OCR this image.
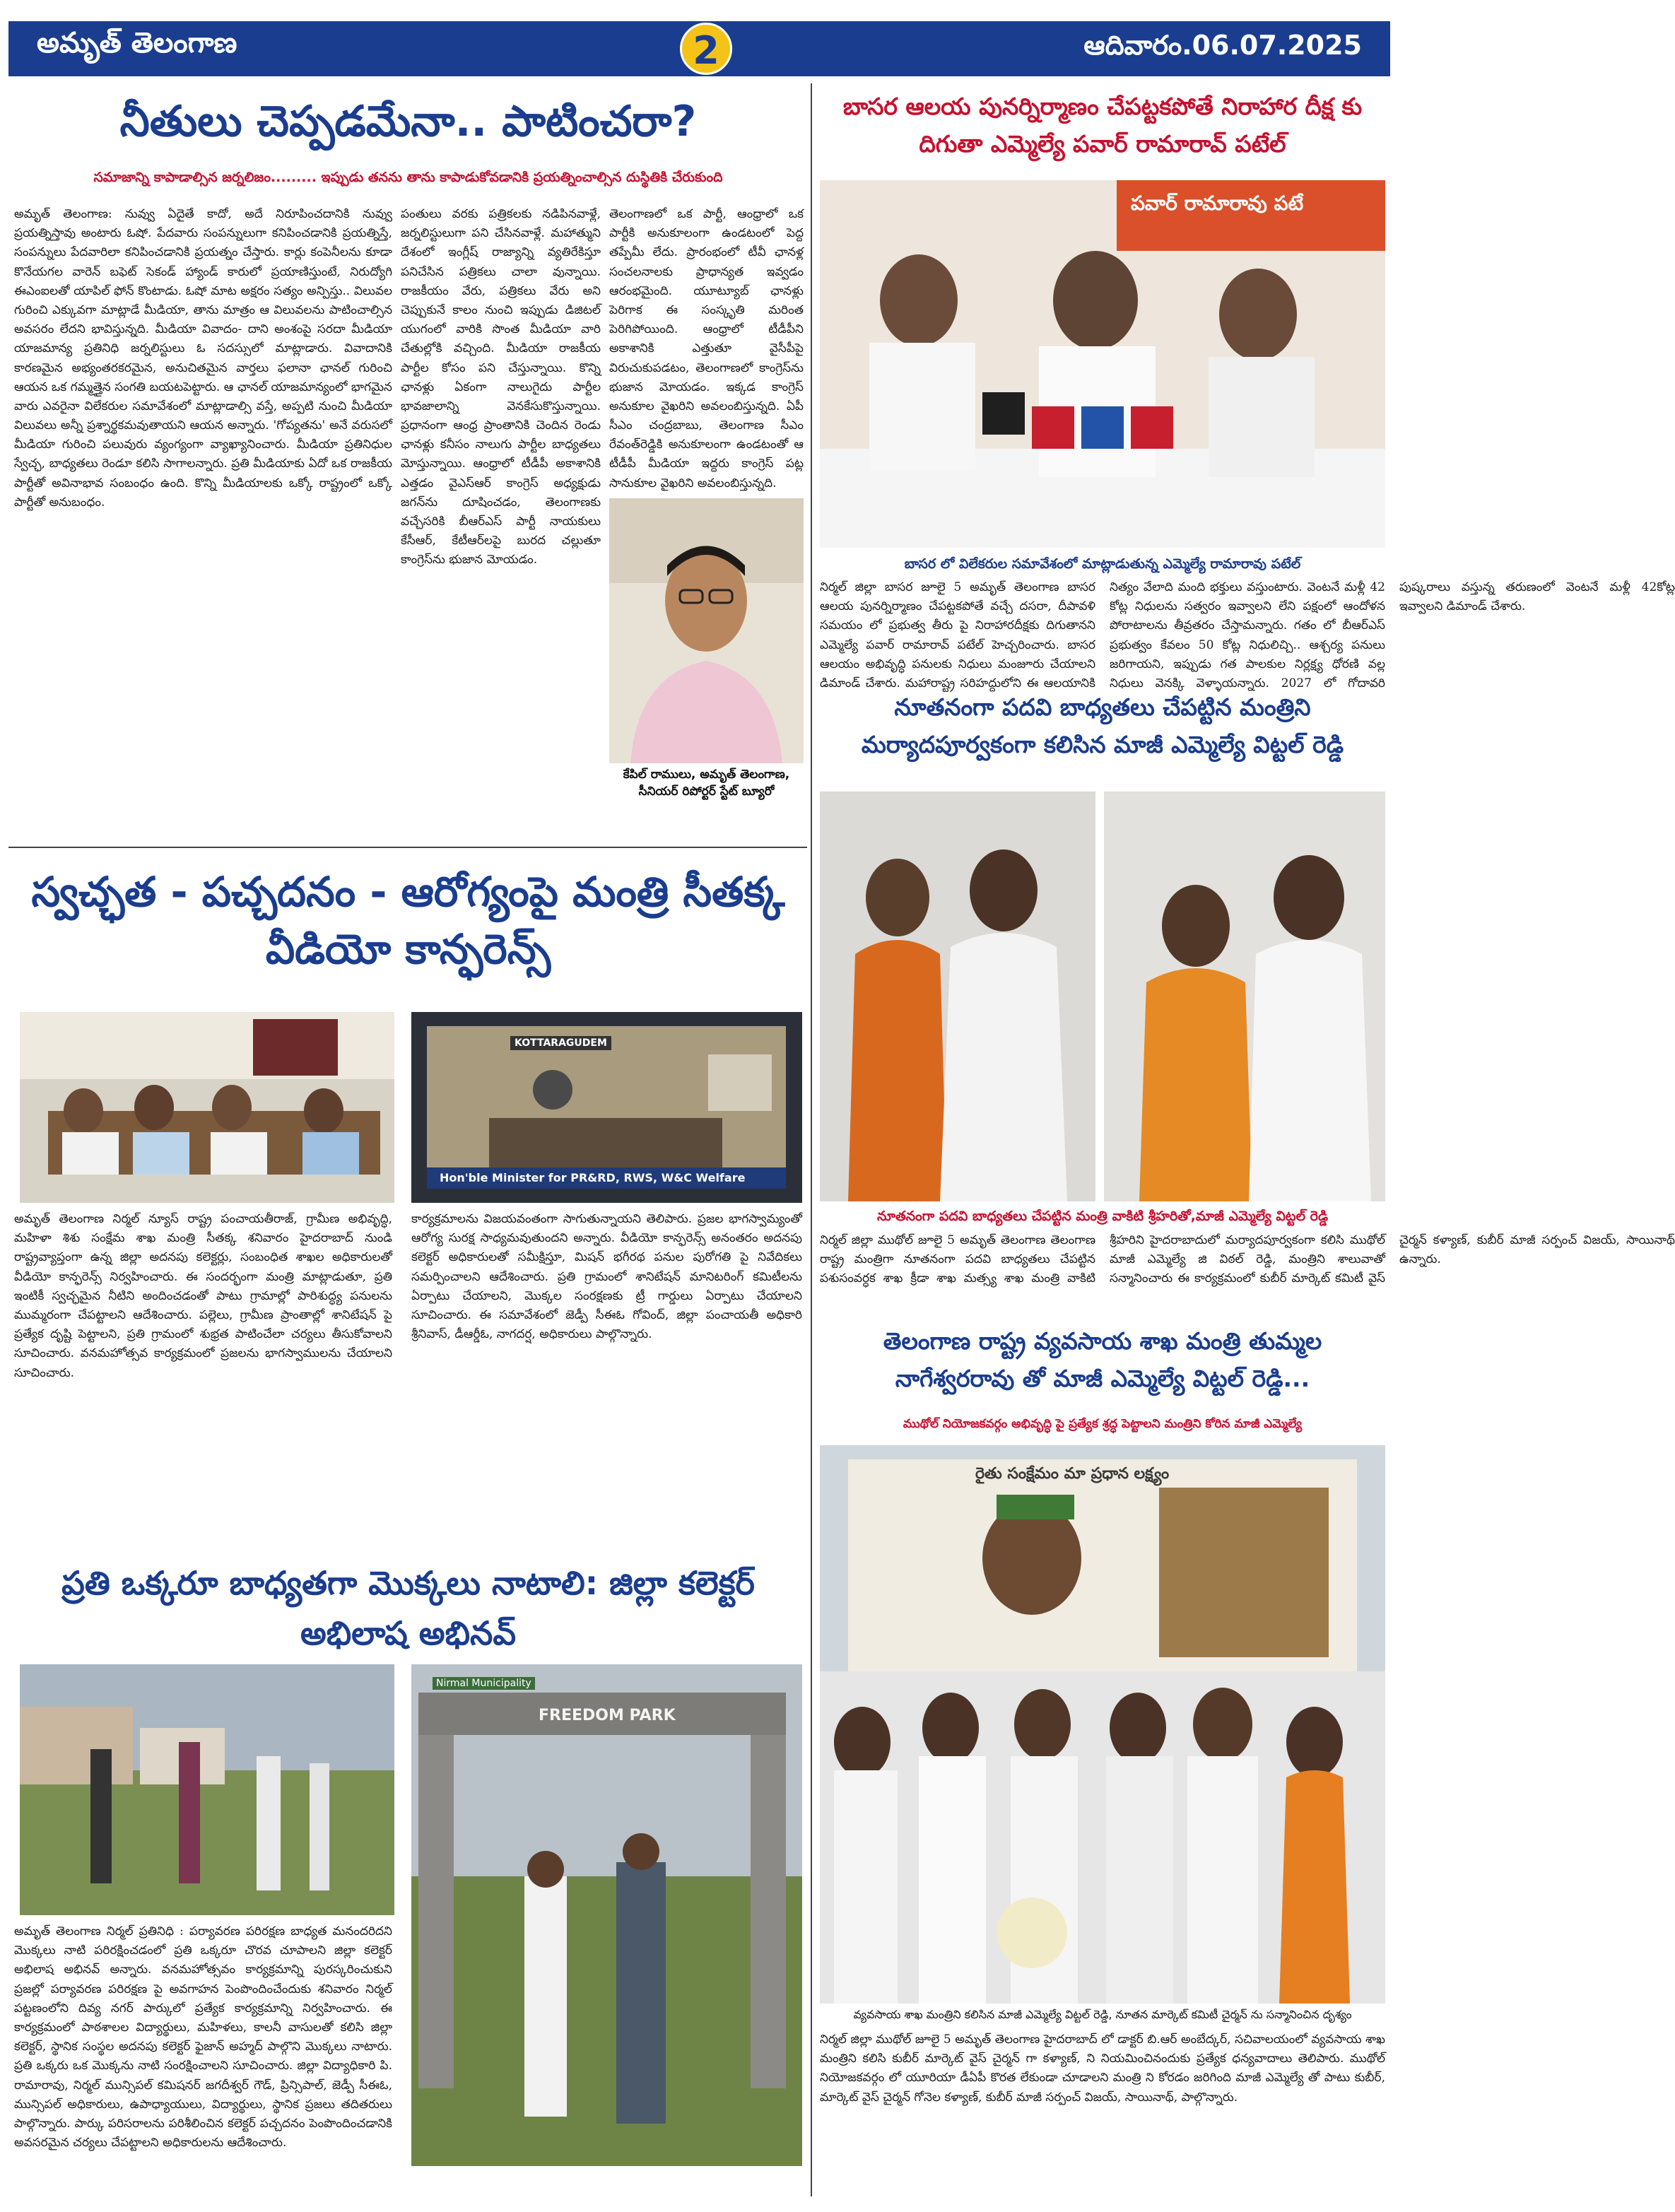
అమృత్ తెలంగాణ	2	ఆదివారం.06.07.2025
నీతులు చెప్పడమేనా.. పాటించరా?
సమాజాన్ని కాపాడాల్సిన జర్నలిజం......... ఇప్పుడు తనను తాను కాపాడుకోవడానికి ప్రయత్నించాల్సిన దుస్థితికి చేరుకుంది
అమృత్ తెలంగాణ: నువ్వు ఏదైతే కాదో, అదే నిరూపించదానికి నువ్వు ప్రయత్నిస్తావు అంటారు ఓషో. పేదవారు సంపన్నులుగా కనిపించడానికి ప్రయత్నిస్తే, సంపన్నులు పేదవారిలా కనిపించడానికి ప్రయత్నం చేస్తారు. కార్లు కంపెనీలను కూడా కొనేయగల వారెన్ బఫెట్ సెకండ్ హ్యాండ్ కారులో ప్రయాణిస్తుంటే, నిరుద్యోగి ఈఎంఐలతో యాపిల్ ఫోన్ కొంటాడు. ఓషో మాట అక్షరం సత్యం అన్పిస్తు.. విలువల గురించి ఎక్కువగా మాట్లాడే మీడియా, తాను మాత్రం ఆ విలువలను పాటించాల్సిన అవసరం లేదని భావిస్తున్నది. మీడియా వివాదం- దాని అంశంపై సరదా మీడియా యాజమాన్య ప్రతినిధి జర్నలిస్టులు ఓ సదస్సులో మాట్లాడారు. వివాదానికి కారణమైన అభ్యంతరకరమైన, అనుచితమైన వార్తలు ఫలానా ఛానల్ గురించి ఆయన ఒక గమ్మత్తైన సంగతి బయటపెట్టారు. ఆ ఛానల్ యాజమాన్యంలో భాగమైన వారు ఎవరైనా విలేకరుల సమావేశంలో మాట్లాడాల్సి వస్తే, అప్పటి నుంచి మీడియా విలువలు అన్నీ ప్రశ్నార్థకమవుతాయని ఆయన అన్నారు. 'గోప్యతను' అనే వరుసలో మీడియా గురించి పలువురు వ్యంగ్యంగా వ్యాఖ్యానించారు. మీడియా ప్రతినిధుల స్వేచ్ఛ, బాధ్యతలు రెండూ కలిసి సాగాలన్నారు. ప్రతి మీడియాకు ఏదో ఒక రాజకీయ పార్టీతో అవినాభావ సంబంధం ఉంది. కొన్ని మీడియాలకు ఒక్కో రాష్ట్రంలో ఒక్కో పార్టీతో అనుబంధం.
పంతులు వరకు పత్రికలకు నడిపినవాళ్లే, జర్నలిస్టులుగా పని చేసినవాళ్లే. మహాత్ముని దేశంలో ఇంగ్లీష్ రాజ్యాన్ని వ్యతిరేకిస్తూ పనిచేసిన పత్రికలు చాలా వున్నాయి. రాజకీయం వేరు, పత్రికలు వేరు అని చెప్పుకునే కాలం నుంచి ఇప్పుడు డిజిటల్ యుగంలో వారికి సొంత మీడియా వారి చేతుల్లోకి వచ్చింది. మీడియా రాజకీయ పార్టీల కోసం పని చేస్తున్నాయి. కొన్ని ఛానళ్లు ఏకంగా నాలుగైదు పార్టీల భావజాలాన్ని వెనకేసుకొస్తున్నాయి. ప్రధానంగా ఆంధ్ర ప్రాంతానికి చెందిన రెండు ఛానళ్లు కనీసం నాలుగు పార్టీల బాధ్యతలు మోస్తున్నాయి. ఆంధ్రాలో టీడీపీ అకాశానికి ఎత్తడం వైఎస్ఆర్ కాంగ్రెస్ అధ్యక్షుడు జగన్‌ను దూషించడం, తెలంగాణకు వచ్చేసరికి బీఆర్ఎస్ పార్టీ నాయకులు కేసీఆర్, కేటీఆర్‌లపై బురద చల్లుతూ కాంగ్రెస్‌ను భుజాన మోయడం.
తెలంగాణలో ఒక పార్టీ, ఆంధ్రాలో ఒక పార్టీకి అనుకూలంగా ఉండటంలో పెద్ద తప్పేమీ లేదు. ప్రారంభంలో టీవీ ఛానళ్ల సంచలనాలకు ప్రాధాన్యత ఇవ్వడం ఆరంభమైంది. యూట్యూబ్ ఛానళ్లు పెరిగాక ఈ సంస్కృతి మరింత పెరిగిపోయింది. ఆంధ్రాలో టీడీపీని అకాశానికి ఎత్తుతూ వైసీపీపై విరుచుకుపడటం, తెలంగాణలో కాంగ్రెస్‌ను భుజాన మోయడం. ఇక్కడ కాంగ్రెస్ అనుకూల వైఖరిని అవలంబిస్తున్నది. ఏపీ సీఎం చంద్రబాబు, తెలంగాణ సీఎం రేవంత్‌రెడ్డికి అనుకూలంగా ఉండటంతో ఆ టీడీపీ మీడియా ఇద్దరు కాంగ్రెస్ పట్ల సానుకూల వైఖరిని అవలంబిస్తున్నది.
కేపిల్ రాములు, అమృత్ తెలంగాణ, సీనియర్ రిపోర్టర్ స్టేట్ బ్యూరో
స్వచ్ఛత - పచ్చదనం - ఆరోగ్యంపై మంత్రి సీతక్క వీడియో కాన్ఫరెన్స్
KOTTARAGUDEM
Hon'ble Minister for PR&RD, RWS, W&C Welfare
అమృత్ తెలంగాణ నిర్మల్ న్యూస్ రాష్ట్ర పంచాయతీరాజ్, గ్రామీణ అభివృద్ధి, మహిళా శిశు సంక్షేమ శాఖ మంత్రి సీతక్క శనివారం హైదరాబాద్ నుండి రాష్ట్రవ్యాప్తంగా ఉన్న జిల్లా అదనపు కలెక్టర్లు, సంబంధిత శాఖల అధికారులతో వీడియో కాన్ఫరెన్స్ నిర్వహించారు. ఈ సందర్భంగా మంత్రి మాట్లాడుతూ, ప్రతి ఇంటికీ స్వచ్ఛమైన నీటిని అందించడంతో పాటు గ్రామాల్లో పారిశుద్ధ్య పనులను ముమ్మరంగా చేపట్టాలని ఆదేశించారు. పల్లెలు, గ్రామీణ ప్రాంతాల్లో శానిటేషన్ పై ప్రత్యేక దృష్టి పెట్టాలని, ప్రతి గ్రామంలో శుభ్రత పాటించేలా చర్యలు తీసుకోవాలని సూచించారు. వనమహోత్సవ కార్యక్రమంలో ప్రజలను భాగస్వాములను చేయాలని సూచించారు.
కార్యక్రమాలను విజయవంతంగా సాగుతున్నాయని తెలిపారు. ప్రజల భాగస్వామ్యంతో ఆరోగ్య సురక్ష సాధ్యమవుతుందని అన్నారు. వీడియో కాన్ఫరెన్స్ అనంతరం అదనపు కలెక్టర్ అధికారులతో సమీక్షిస్తూ, మిషన్ భగీరథ పనుల పురోగతి పై నివేదికలు సమర్పించాలని ఆదేశించారు. ప్రతి గ్రామంలో శానిటేషన్ మానిటరింగ్ కమిటీలను ఏర్పాటు చేయాలని, మొక్కల సంరక్షణకు ట్రీ గార్డులు ఏర్పాటు చేయాలని సూచించారు. ఈ సమావేశంలో జెడ్పీ సీఈఓ గోవింద్, జిల్లా పంచాయతీ అధికారి శ్రీనివాస్, డీఆర్డీఓ, నాగదర్ష, అధికారులు పాల్గొన్నారు.
ప్రతి ఒక్కరూ బాధ్యతగా మొక్కలు నాటాలి: జిల్లా కలెక్టర్ అభిలాష అభినవ్
Nirmal Municipality
FREEDOM PARK
అమృత్ తెలంగాణ నిర్మల్ ప్రతినిధి : పర్యావరణ పరిరక్షణ బాధ్యత మనందరిదని మొక్కలు నాటి పరిరక్షించడంలో ప్రతి ఒక్కరూ చొరవ చూపాలని జిల్లా కలెక్టర్ అభిలాష అభినవ్ అన్నారు. వనమహోత్సవం కార్యక్రమాన్ని పురస్కరించుకుని ప్రజల్లో పర్యావరణ పరిరక్షణ పై అవగాహన పెంపొందించేందుకు శనివారం నిర్మల్ పట్టణంలోని దివ్య నగర్ పార్కులో ప్రత్యేక కార్యక్రమాన్ని నిర్వహించారు. ఈ కార్యక్రమంలో పాఠశాలల విద్యార్థులు, మహిళలు, కాలనీ వాసులతో కలిసి జిల్లా కలెక్టర్, స్థానిక సంస్థల అదనపు కలెక్టర్ ఫైజాన్ అహ్మద్ పాల్గొని మొక్కలు నాటారు. ప్రతి ఒక్కరు ఒక మొక్కను నాటి సంరక్షించాలని సూచించారు. జిల్లా విద్యాధికారి పి. రామారావు, నిర్మల్ మున్సిపల్ కమిషనర్ జగదీశ్వర్ గౌడ్, ప్రిన్సిపాల్, జెడ్పీ సీఈఓ, మున్సిపల్ అధికారులు, ఉపాధ్యాయులు, విద్యార్థులు, స్థానిక ప్రజలు తదితరులు పాల్గొన్నారు. పార్కు పరిసరాలను పరిశీలించిన కలెక్టర్ పచ్చదనం పెంపొందించడానికి అవసరమైన చర్యలు చేపట్టాలని అధికారులను ఆదేశించారు.
బాసర ఆలయ పునర్నిర్మాణం చేపట్టకపోతే నిరాహార దీక్ష కు దిగుతా ఎమ్మెల్యే పవార్ రామారావ్ పటేల్
పవార్ రామారావు పటే
బాసర లో విలేకరుల సమావేశంలో మాట్లాడుతున్న ఎమ్మెల్యే రామారావు పటేల్
నిర్మల్ జిల్లా బాసర జూలై 5 అమృత్ తెలంగాణ బాసర ఆలయ పునర్నిర్మాణం చేపట్టకపోతే వచ్చే దసరా, దీపావళి సమయం లో ప్రభుత్వ తీరు పై నిరాహారదీక్షకు దిగుతానని ఎమ్మెల్యే పవార్ రామారావ్ పటేల్ హెచ్చరించారు. బాసర ఆలయం అభివృద్ధి పనులకు నిధులు మంజూరు చేయాలని డిమాండ్ చేశారు. మహారాష్ట్ర సరిహద్దులోని ఈ ఆలయానికి నిత్యం వేలాది మంది భక్తులు వస్తుంటారు. వెంటనే మళ్లీ 42 కోట్ల నిధులను సత్వరం ఇవ్వాలని లేని పక్షంలో ఆందోళన పోరాటాలను తీవ్రతరం చేస్తామన్నారు. గతం లో బీఆర్ఎస్ ప్రభుత్వం కేవలం 50 కోట్ల నిధులిచ్చి.. ఆశ్చర్య పనులు జరిగాయని, ఇప్పుడు గత పాలకుల నిర్లక్ష్య ధోరణి వల్ల నిధులు వెనక్కి వెళ్ళాయన్నారు. 2027 లో గోదావరి పుష్కరాలు వస్తున్న తరుణంలో వెంటనే మళ్లీ 42కోట్ల ఇవ్వాలని డిమాండ్ చేశారు.
నూతనంగా పదవి బాధ్యతలు చేపట్టిన మంత్రిని మర్యాదపూర్వకంగా కలిసిన మాజీ ఎమ్మెల్యే విట్టల్ రెడ్డి
నూతనంగా పదవి బాధ్యతలు చేపట్టిన మంత్రి వాకిటి శ్రీహరితో,మాజీ ఎమ్మెల్యే విట్టల్ రెడ్డి
నిర్మల్ జిల్లా ముథోల్ జూలై 5 అమృత్ తెలంగాణ తెలంగాణ రాష్ట్ర మంత్రిగా నూతనంగా పదవి బాధ్యతలు చేపట్టిన పశుసంవర్ధక శాఖ క్రీడా శాఖ మత్స్య శాఖ మంత్రి వాకిటి శ్రీహరిని హైదరాబాదులో మర్యాదపూర్వకంగా కలిసి ముథోల్ మాజీ ఎమ్మెల్యే జి విఠల్ రెడ్డి, మంత్రిని శాలువాతో సన్మానించారు ఈ కార్యక్రమంలో కుబీర్ మార్కెట్ కమిటీ వైస్ చైర్మన్ కళ్యాణ్, కుబీర్ మాజీ సర్పంచ్ విజయ్, సాయినాథ్ ఉన్నారు.
తెలంగాణ రాష్ట్ర వ్యవసాయ శాఖ మంత్రి తుమ్మల నాగేశ్వరరావు తో మాజీ ఎమ్మెల్యే విట్టల్ రెడ్డి...
ముథోల్ నియోజకవర్గం అభివృద్ధి పై ప్రత్యేక శ్రద్ధ పెట్టాలని మంత్రిని కోరిన మాజీ ఎమ్మెల్యే
రైతు సంక్షేమం మా ప్రధాన లక్ష్యం
వ్యవసాయ శాఖ మంత్రిని కలిసిన మాజీ ఎమ్మెల్యే విట్టల్ రెడ్డి, నూతన మార్కెట్ కమిటీ చైర్మన్ ను సన్మానించిన దృశ్యం
నిర్మల్ జిల్లా ముథోల్ జూలై 5 అమృత్ తెలంగాణ హైదరాబాద్ లో డాక్టర్ బి.ఆర్ అంబేద్కర్, సచివాలయంలో వ్యవసాయ శాఖ మంత్రిని కలిసి కుబీర్ మార్కెట్ వైస్ చైర్మన్ గా కళ్యాణ్, ని నియమించినందుకు ప్రత్యేక ధన్యవాదాలు తెలిపారు. ముథోల్ నియోజకవర్గం లో యూరియా డీఏపీ కొరత లేకుండా చూడాలని మంత్రి ని కోరడం జరిగింది మాజీ ఎమ్మెల్యే తో పాటు కుబీర్, మార్కెట్ వైస్ చైర్మన్ గోనెల కళ్యాణ్, కుబీర్ మాజీ సర్పంచ్ విజయ్, సాయినాథ్, పాల్గొన్నారు.
